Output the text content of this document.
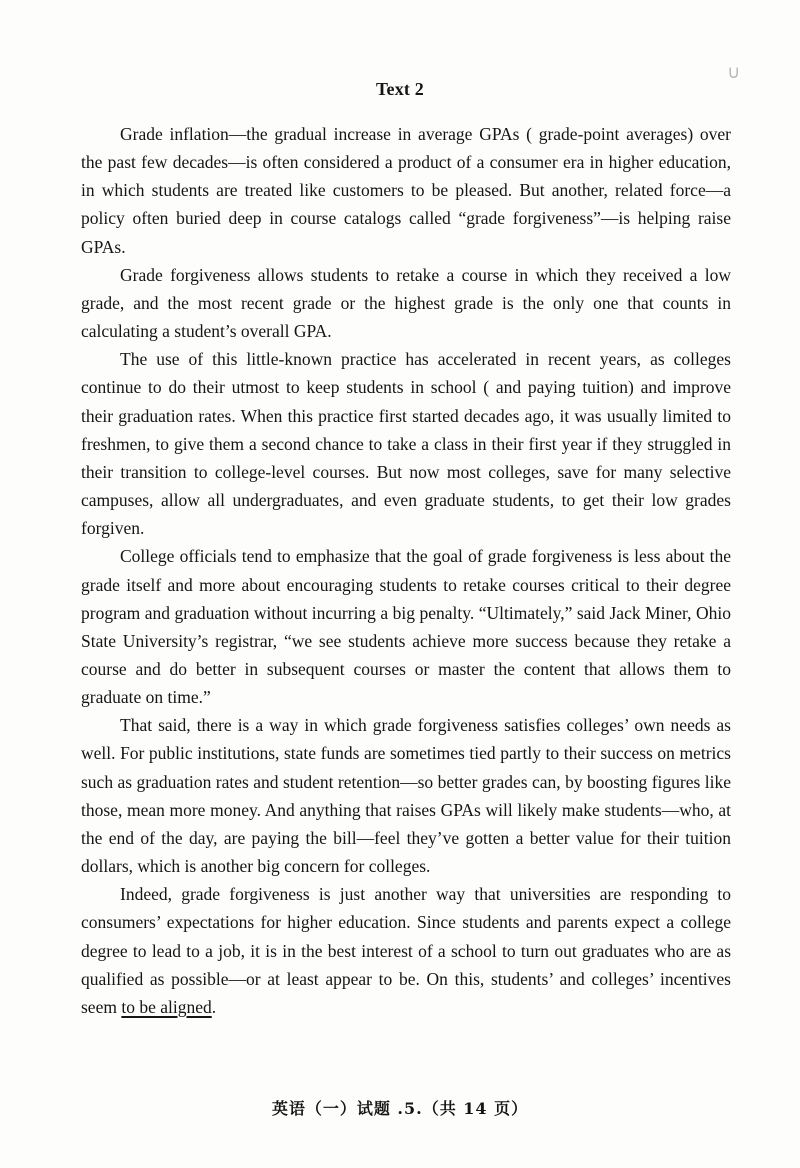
∪
Text 2

Grade inflation—the gradual increase in average GPAs ( grade-point averages) over the past few decades—is often considered a product of a consumer era in higher education, in which students are treated like customers to be pleased. But another, related force—a policy often buried deep in course catalogs called “grade forgiveness”—is helping raise GPAs.

Grade forgiveness allows students to retake a course in which they received a low grade, and the most recent grade or the highest grade is the only one that counts in calculating a student’s overall GPA.

The use of this little-known practice has accelerated in recent years, as colleges continue to do their utmost to keep students in school ( and paying tuition) and improve their graduation rates. When this practice first started decades ago, it was usually limited to freshmen, to give them a second chance to take a class in their first year if they struggled in their transition to college-level courses. But now most colleges, save for many selective campuses, allow all undergraduates, and even graduate students, to get their low grades forgiven.

College officials tend to emphasize that the goal of grade forgiveness is less about the grade itself and more about encouraging students to retake courses critical to their degree program and graduation without incurring a big penalty. “Ultimately,” said Jack Miner, Ohio State University’s registrar, “we see students achieve more success because they retake a course and do better in subsequent courses or master the content that allows them to graduate on time.”

That said, there is a way in which grade forgiveness satisfies colleges’ own needs as well. For public institutions, state funds are sometimes tied partly to their success on metrics such as graduation rates and student retention—so better grades can, by boosting figures like those, mean more money. And anything that raises GPAs will likely make students—who, at the end of the day, are paying the bill—feel they’ve gotten a better value for their tuition dollars, which is another big concern for colleges.

Indeed, grade forgiveness is just another way that universities are responding to consumers’ expectations for higher education. Since students and parents expect a college degree to lead to a job, it is in the best interest of a school to turn out graduates who are as qualified as possible—or at least appear to be. On this, students’ and colleges’ incentives seem to be aligned.

英语（一）试题 .5.（共 14 页）
